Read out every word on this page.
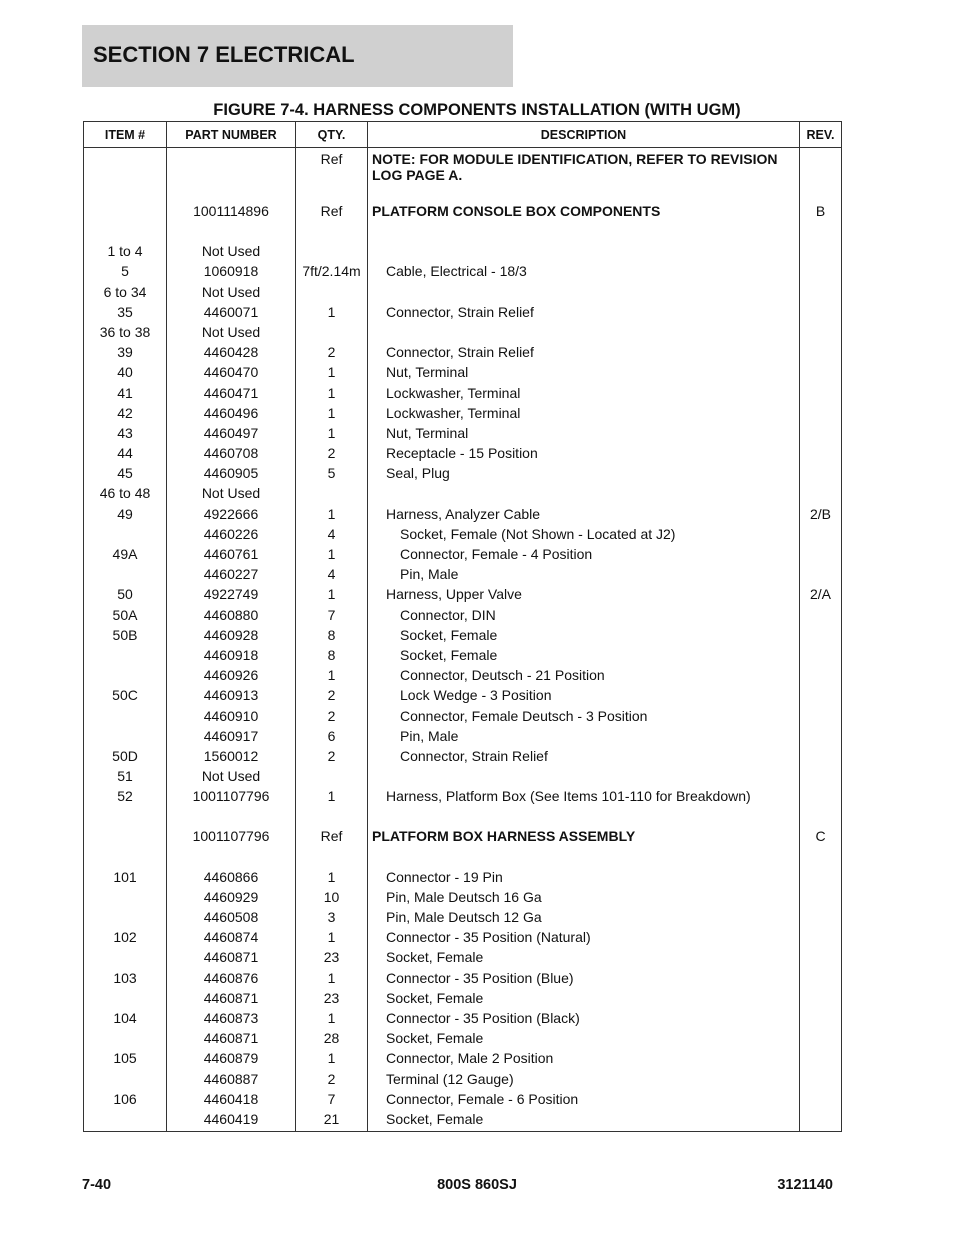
SECTION 7 ELECTRICAL
FIGURE 7-4. HARNESS COMPONENTS INSTALLATION (WITH UGM)
ITEM #	PART NUMBER	QTY.	DESCRIPTION	REV.
		Ref	NOTE: FOR MODULE IDENTIFICATION, REFER TO REVISION LOG PAGE A.	

	1001114896	Ref	PLATFORM CONSOLE BOX COMPONENTS	B

1 to 4	Not Used			
5	1060918	7ft/2.14m	Cable, Electrical - 18/3	
6 to 34	Not Used			
35	4460071	1	Connector, Strain Relief	
36 to 38	Not Used			
39	4460428	2	Connector, Strain Relief	
40	4460470	1	Nut, Terminal	
41	4460471	1	Lockwasher, Terminal	
42	4460496	1	Lockwasher, Terminal	
43	4460497	1	Nut, Terminal	
44	4460708	2	Receptacle - 15 Position	
45	4460905	5	Seal, Plug	
46 to 48	Not Used			
49	4922666	1	Harness, Analyzer Cable	2/B
	4460226	4	Socket, Female (Not Shown - Located at J2)	
49A	4460761	1	Connector, Female - 4 Position	
	4460227	4	Pin, Male	
50	4922749	1	Harness, Upper Valve	2/A
50A	4460880	7	Connector, DIN	
50B	4460928	8	Socket, Female	
	4460918	8	Socket, Female	
	4460926	1	Connector, Deutsch - 21 Position	
50C	4460913	2	Lock Wedge - 3 Position	
	4460910	2	Connector, Female Deutsch - 3 Position	
	4460917	6	Pin, Male	
50D	1560012	2	Connector, Strain Relief	
51	Not Used			
52	1001107796	1	Harness, Platform Box (See Items 101-110 for Breakdown)	

	1001107796	Ref	PLATFORM BOX HARNESS ASSEMBLY	C

101	4460866	1	Connector - 19 Pin	
	4460929	10	Pin, Male Deutsch 16 Ga	
	4460508	3	Pin, Male Deutsch 12 Ga	
102	4460874	1	Connector - 35 Position (Natural)	
	4460871	23	Socket, Female	
103	4460876	1	Connector - 35 Position (Blue)	
	4460871	23	Socket, Female	
104	4460873	1	Connector - 35 Position (Black)	
	4460871	28	Socket, Female	
105	4460879	1	Connector, Male 2 Position	
	4460887	2	Terminal (12 Gauge)	
106	4460418	7	Connector, Female - 6 Position	
	4460419	21	Socket, Female	
7-40	800S 860SJ	3121140
